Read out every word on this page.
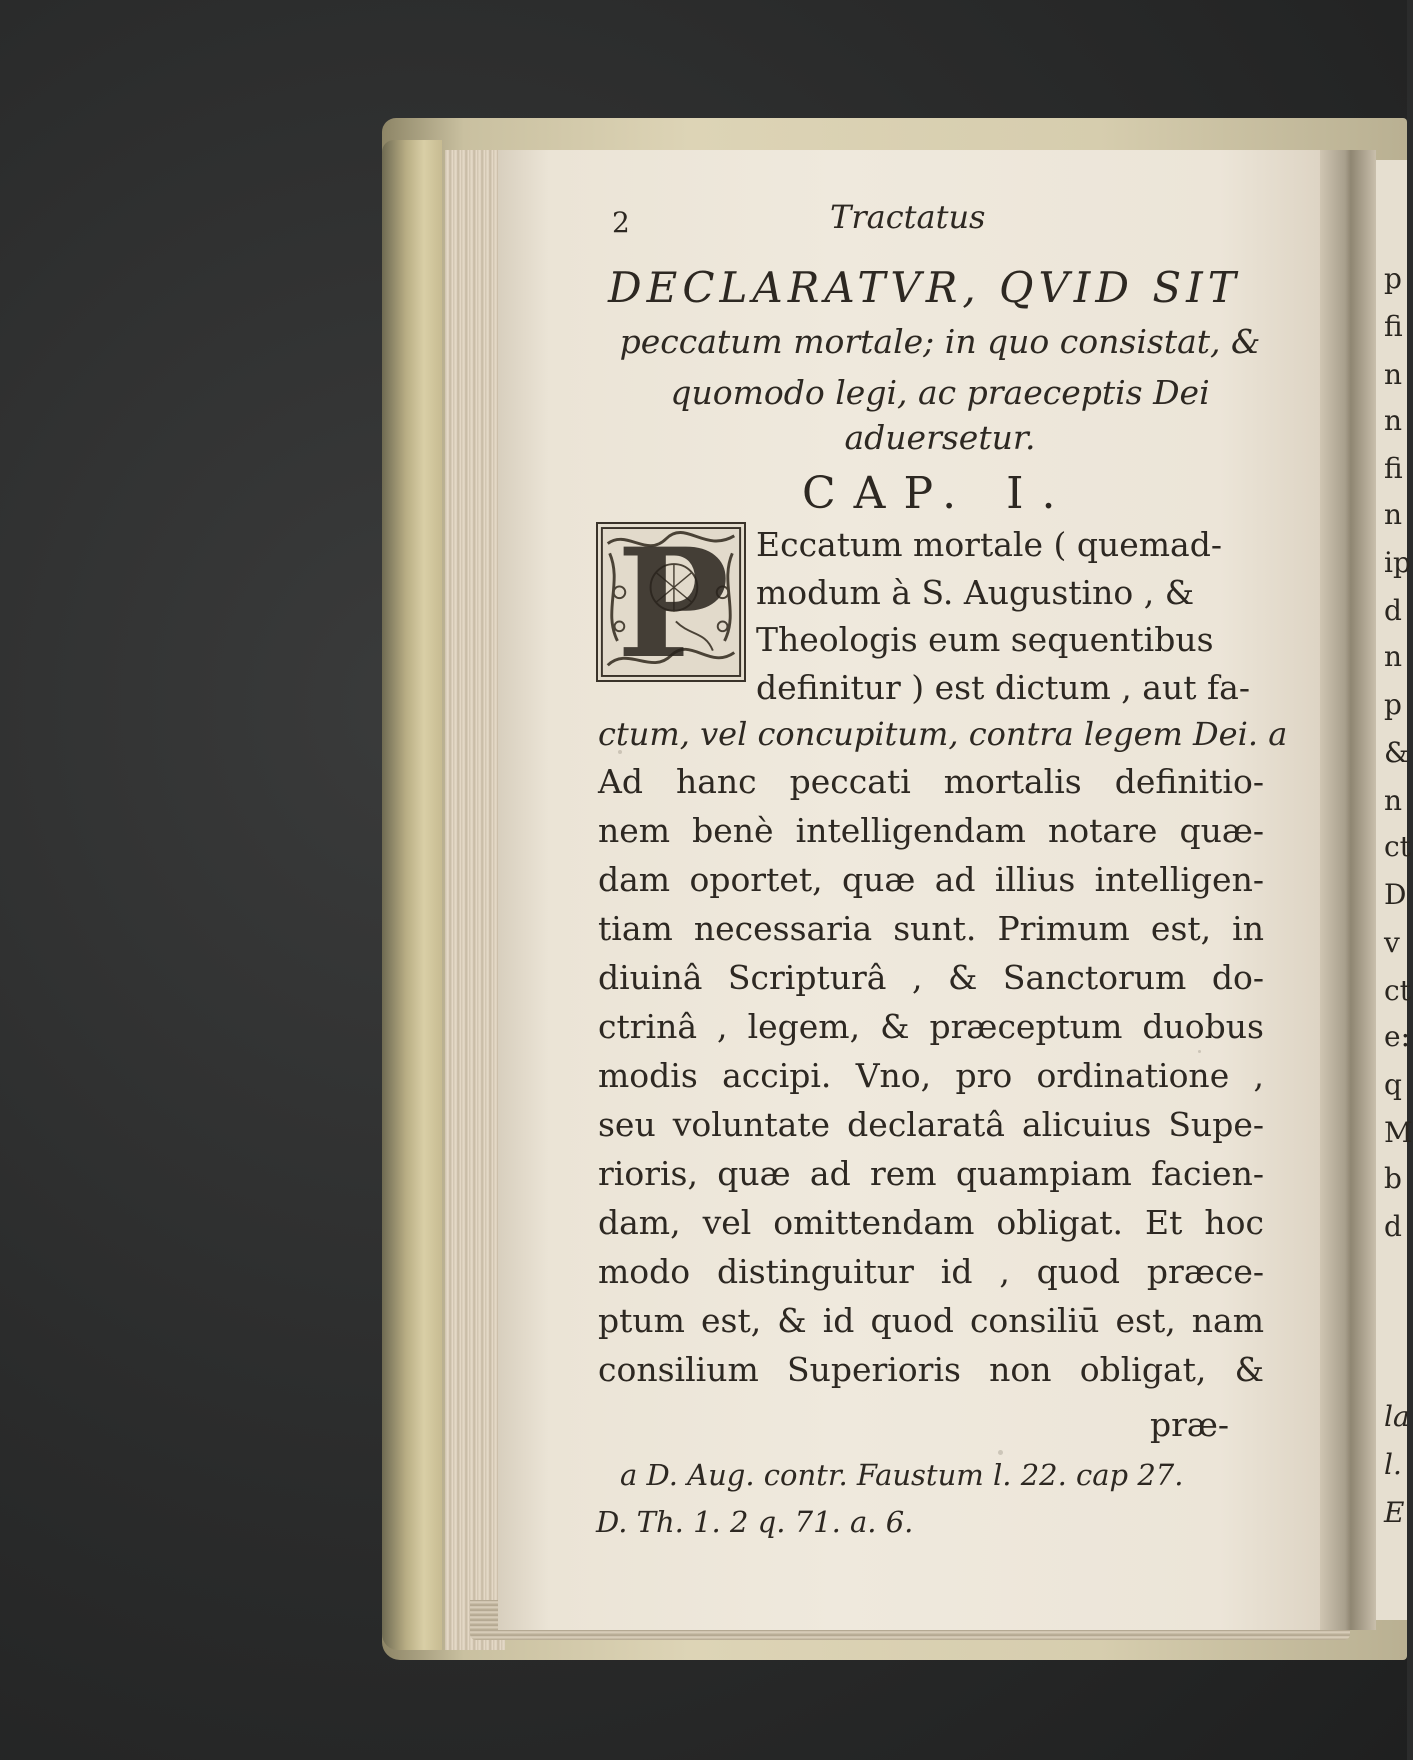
p
fi
n
n
fi
n
ip
d
n
p
&
n
ct
D
v
ct
e:
q
M
b
d
la
l.
E
2	Tractatus
DECLARATVR, QVID SIT
peccatum mortale; in quo consistat, &
quomodo legi, ac praeceptis Dei
aduersetur.
CAP. I.
P Eccatum mortale ( quemad-
modum à S. Augustino , &
Theologis eum sequentibus
definitur ) est dictum , aut fa-
ctum, vel concupitum, contra legem Dei. a
Ad hanc peccati mortalis definitio-
nem benè intelligendam notare quæ-
dam oportet, quæ ad illius intelligen-
tiam necessaria sunt. Primum est, in
diuinâ Scripturâ , & Sanctorum do-
ctrinâ , legem, & præceptum duobus
modis accipi. Vno, pro ordinatione ,
seu voluntate declaratâ alicuius Supe-
rioris, quæ ad rem quampiam facien-
dam, vel omittendam obligat. Et hoc
modo distinguitur id , quod præce-
ptum est, & id quod consiliū est, nam
consilium Superioris non obligat, &
præ-
a D. Aug. contr. Faustum l. 22. cap 27.
D. Th. 1. 2 q. 71. a. 6.
